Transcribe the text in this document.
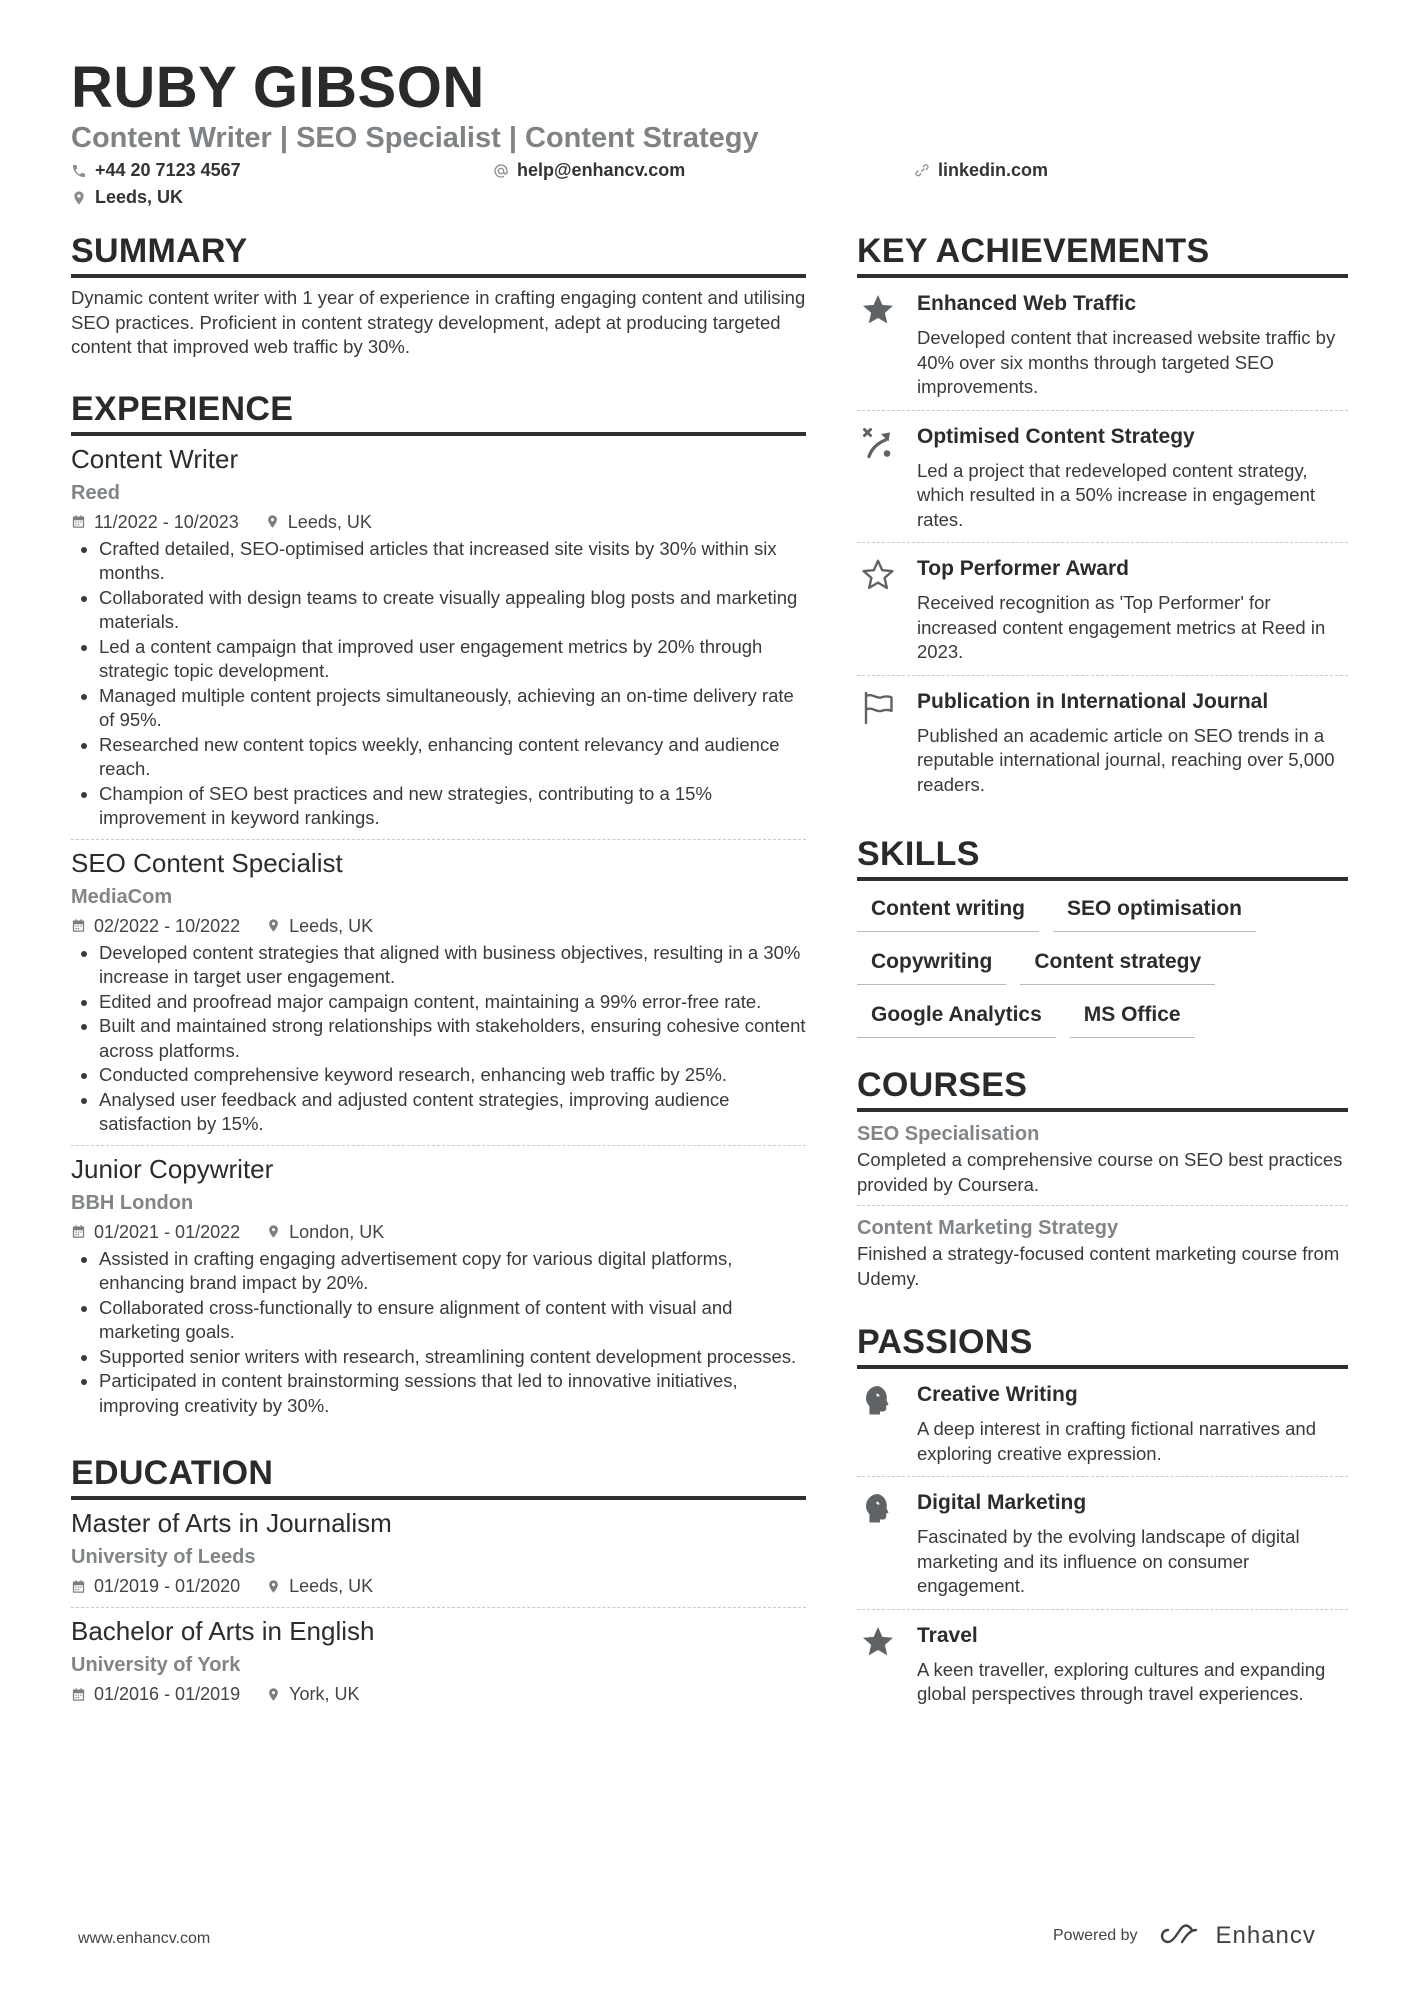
RUBY GIBSON
Content Writer | SEO Specialist | Content Strategy
+44 20 7123 4567	help@enhancv.com	linkedin.com
Leeds, UK
SUMMARY
Dynamic content writer with 1 year of experience in crafting engaging content and utilising SEO practices. Proficient in content strategy development, adept at producing targeted content that improved web traffic by 30%.
EXPERIENCE
Content Writer
Reed
11/2022 - 10/2023	Leeds, UK
• Crafted detailed, SEO-optimised articles that increased site visits by 30% within six months.
• Collaborated with design teams to create visually appealing blog posts and marketing materials.
• Led a content campaign that improved user engagement metrics by 20% through strategic topic development.
• Managed multiple content projects simultaneously, achieving an on-time delivery rate of 95%.
• Researched new content topics weekly, enhancing content relevancy and audience reach.
• Champion of SEO best practices and new strategies, contributing to a 15% improvement in keyword rankings.
SEO Content Specialist
MediaCom
02/2022 - 10/2022	Leeds, UK
• Developed content strategies that aligned with business objectives, resulting in a 30% increase in target user engagement.
• Edited and proofread major campaign content, maintaining a 99% error-free rate.
• Built and maintained strong relationships with stakeholders, ensuring cohesive content across platforms.
• Conducted comprehensive keyword research, enhancing web traffic by 25%.
• Analysed user feedback and adjusted content strategies, improving audience satisfaction by 15%.
Junior Copywriter
BBH London
01/2021 - 01/2022	London, UK
• Assisted in crafting engaging advertisement copy for various digital platforms, enhancing brand impact by 20%.
• Collaborated cross-functionally to ensure alignment of content with visual and marketing goals.
• Supported senior writers with research, streamlining content development processes.
• Participated in content brainstorming sessions that led to innovative initiatives, improving creativity by 30%.
EDUCATION
Master of Arts in Journalism
University of Leeds
01/2019 - 01/2020	Leeds, UK
Bachelor of Arts in English
University of York
01/2016 - 01/2019	York, UK
KEY ACHIEVEMENTS
Enhanced Web Traffic
Developed content that increased website traffic by 40% over six months through targeted SEO improvements.
Optimised Content Strategy
Led a project that redeveloped content strategy, which resulted in a 50% increase in engagement rates.
Top Performer Award
Received recognition as 'Top Performer' for increased content engagement metrics at Reed in 2023.
Publication in International Journal
Published an academic article on SEO trends in a reputable international journal, reaching over 5,000 readers.
SKILLS
Content writing	SEO optimisation
Copywriting	Content strategy
Google Analytics	MS Office
COURSES
SEO Specialisation
Completed a comprehensive course on SEO best practices provided by Coursera.
Content Marketing Strategy
Finished a strategy-focused content marketing course from Udemy.
PASSIONS
Creative Writing
A deep interest in crafting fictional narratives and exploring creative expression.
Digital Marketing
Fascinated by the evolving landscape of digital marketing and its influence on consumer engagement.
Travel
A keen traveller, exploring cultures and expanding global perspectives through travel experiences.
www.enhancv.com	Powered by	Enhancv
